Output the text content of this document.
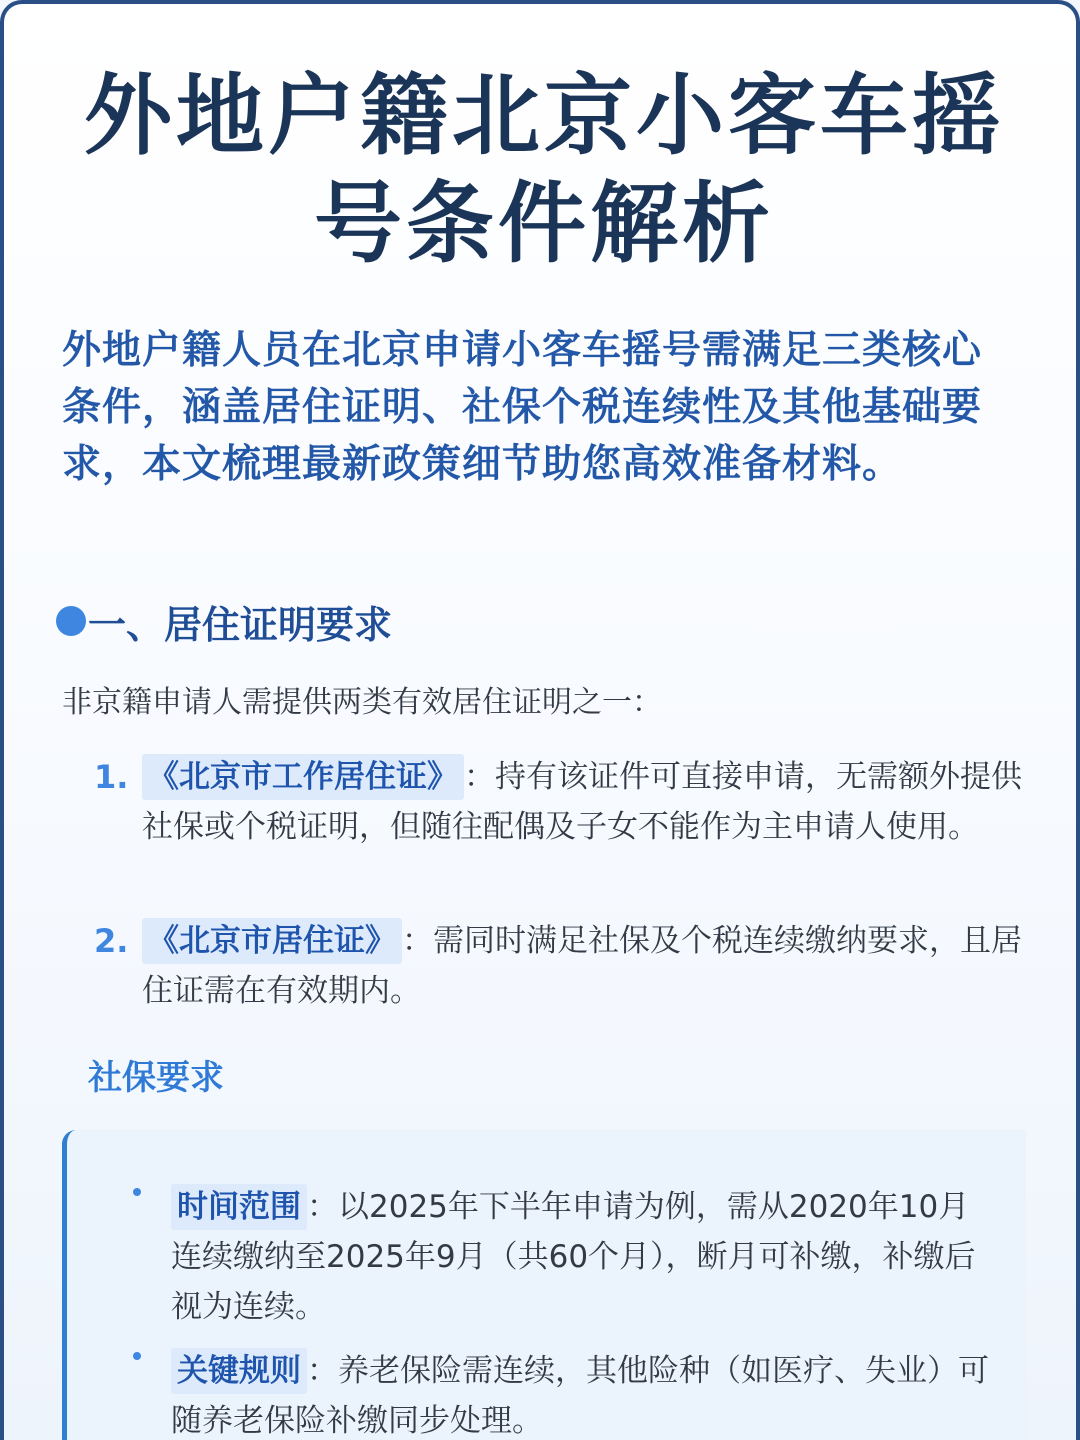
外地户籍北京小客车摇号条件解析

外地户籍人员在北京申请小客车摇号需满足三类核心条件，涵盖居住证明、社保个税连续性及其他基础要求，本文梳理最新政策细节助您高效准备材料。

一、居住证明要求

非京籍申请人需提供两类有效居住证明之一：

1. 《北京市工作居住证》 ：持有该证件可直接申请，无需额外提供社保或个税证明，但随往配偶及子女不能作为主申请人使用。
2. 《北京市居住证》 ：需同时满足社保及个税连续缴纳要求，且居住证需在有效期内。
社保要求
时间范围 ：以2025年下半年申请为例，需从2020年10月连续缴纳至2025年9月（共60个月），断月可补缴，补缴后视为连续。
关键规则 ：养老保险需连续，其他险种（如医疗、失业）可随养老保险补缴同步处理。
